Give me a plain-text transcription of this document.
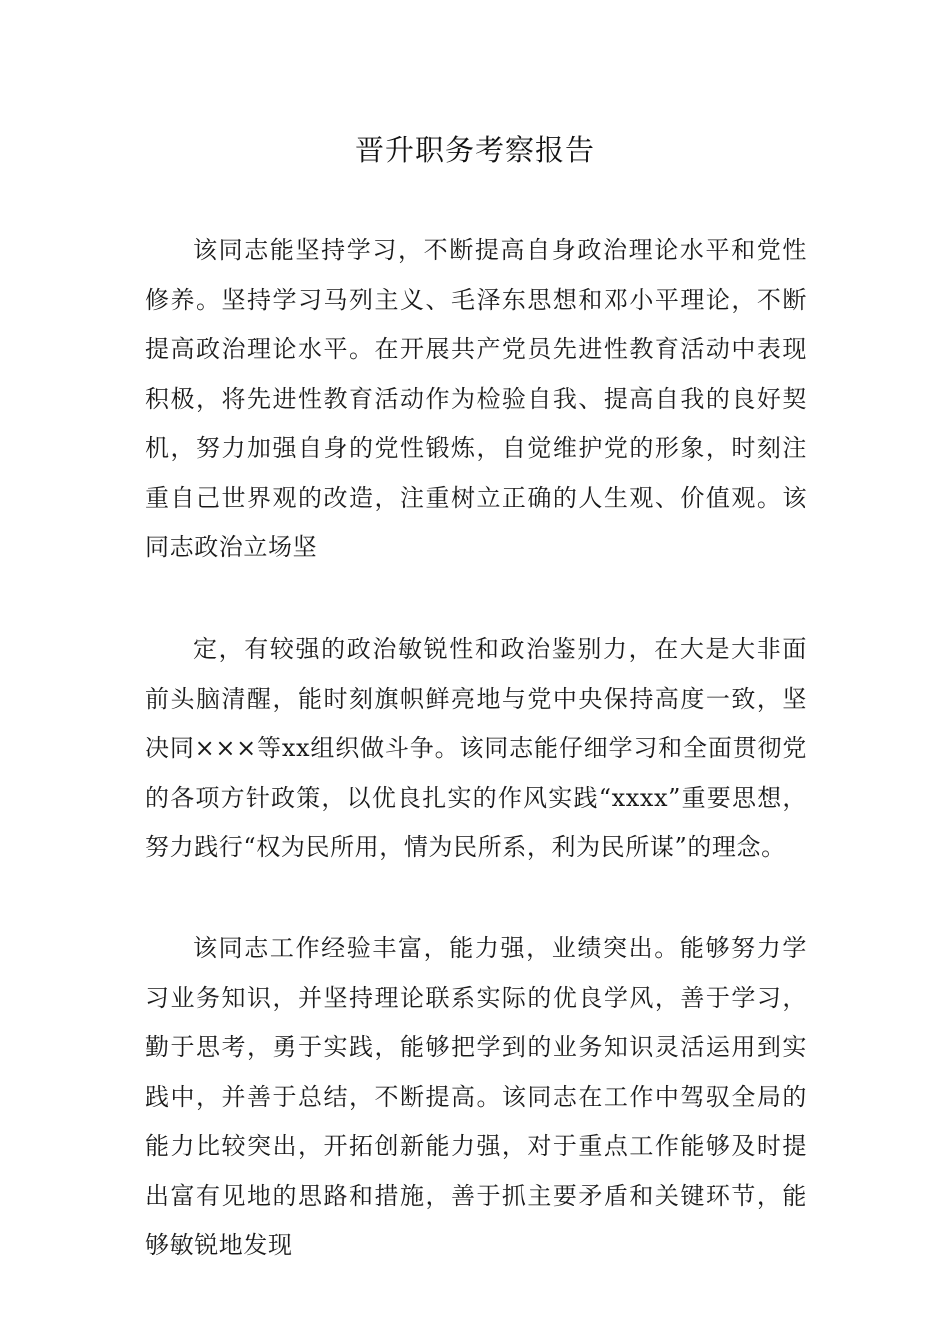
晋升职务考察报告

该同志能坚持学习，不断提高自身政治理论水平和党性修养。坚持学习马列主义、毛泽东思想和邓小平理论，不断提高政治理论水平。在开展共产党员先进性教育活动中表现积极，将先进性教育活动作为检验自我、提高自我的良好契机，努力加强自身的党性锻炼，自觉维护党的形象，时刻注重自己世界观的改造，注重树立正确的人生观、价值观。该同志政治立场坚

定，有较强的政治敏锐性和政治鉴别力，在大是大非面前头脑清醒，能时刻旗帜鲜亮地与党中央保持高度一致，坚决同×××等xx组织做斗争。该同志能仔细学习和全面贯彻党的各项方针政策，以优良扎实的作风实践“xxxx”重要思想，努力践行“权为民所用，情为民所系，利为民所谋”的理念。

该同志工作经验丰富，能力强，业绩突出。能够努力学习业务知识，并坚持理论联系实际的优良学风，善于学习，勤于思考，勇于实践，能够把学到的业务知识灵活运用到实践中，并善于总结，不断提高。该同志在工作中驾驭全局的能力比较突出，开拓创新能力强，对于重点工作能够及时提出富有见地的思路和措施，善于抓主要矛盾和关键环节，能够敏锐地发现
